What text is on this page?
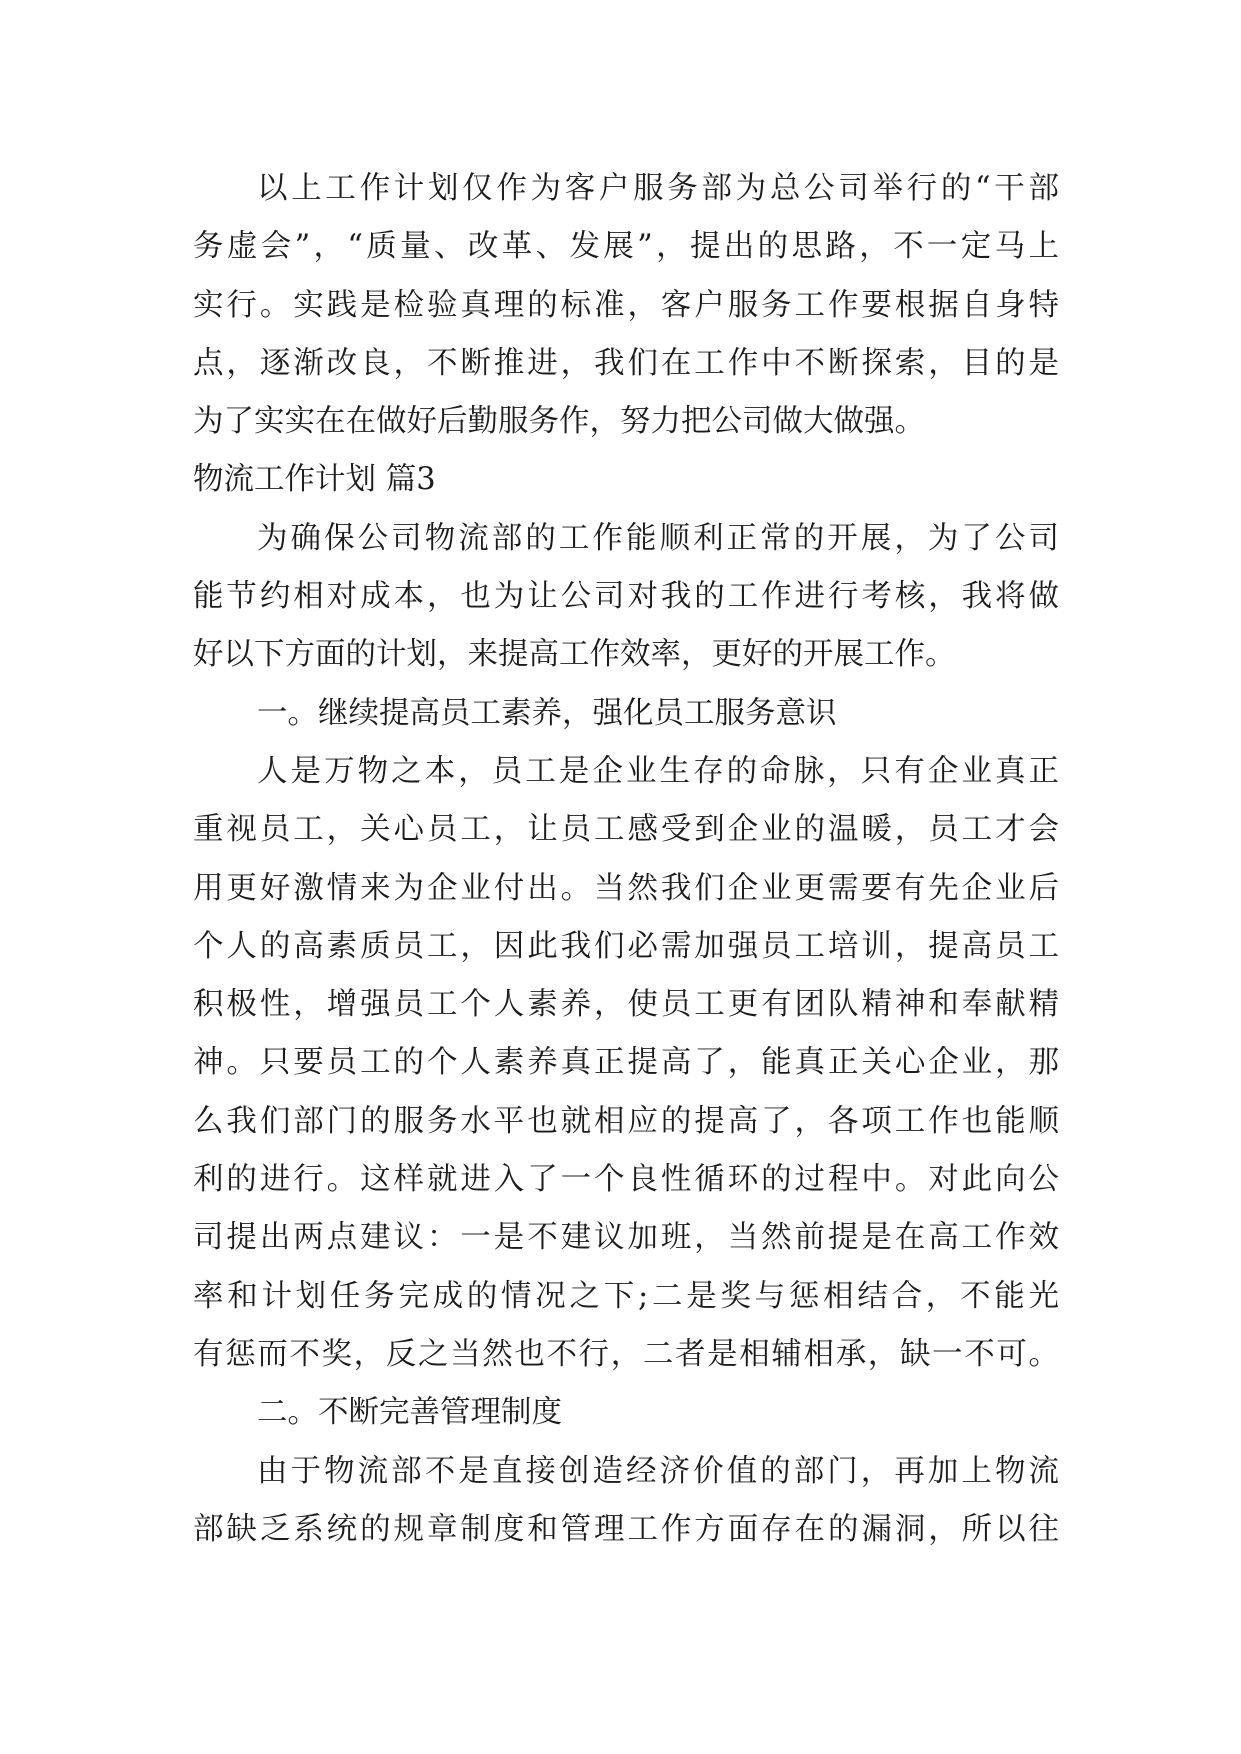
以上工作计划仅作为客户服务部为总公司举行的“干部
务虚会”，“质量、改革、发展”，提出的思路，不一定马上
实行。实践是检验真理的标准，客户服务工作要根据自身特
点，逐渐改良，不断推进，我们在工作中不断探索，目的是
为了实实在在做好后勤服务作，努力把公司做大做强。
物流工作计划 篇3
为确保公司物流部的工作能顺利正常的开展，为了公司
能节约相对成本，也为让公司对我的工作进行考核，我将做
好以下方面的计划，来提高工作效率，更好的开展工作。
一。继续提高员工素养，强化员工服务意识
人是万物之本，员工是企业生存的命脉，只有企业真正
重视员工，关心员工，让员工感受到企业的温暖，员工才会
用更好激情来为企业付出。当然我们企业更需要有先企业后
个人的高素质员工，因此我们必需加强员工培训，提高员工
积极性，增强员工个人素养，使员工更有团队精神和奉献精
神。只要员工的个人素养真正提高了，能真正关心企业，那
么我们部门的服务水平也就相应的提高了，各项工作也能顺
利的进行。这样就进入了一个良性循环的过程中。对此向公
司提出两点建议：一是不建议加班，当然前提是在高工作效
率和计划任务完成的情况之下;二是奖与惩相结合，不能光
有惩而不奖，反之当然也不行，二者是相辅相承，缺一不可。
二。不断完善管理制度
由于物流部不是直接创造经济价值的部门，再加上物流
部缺乏系统的规章制度和管理工作方面存在的漏洞，所以往
